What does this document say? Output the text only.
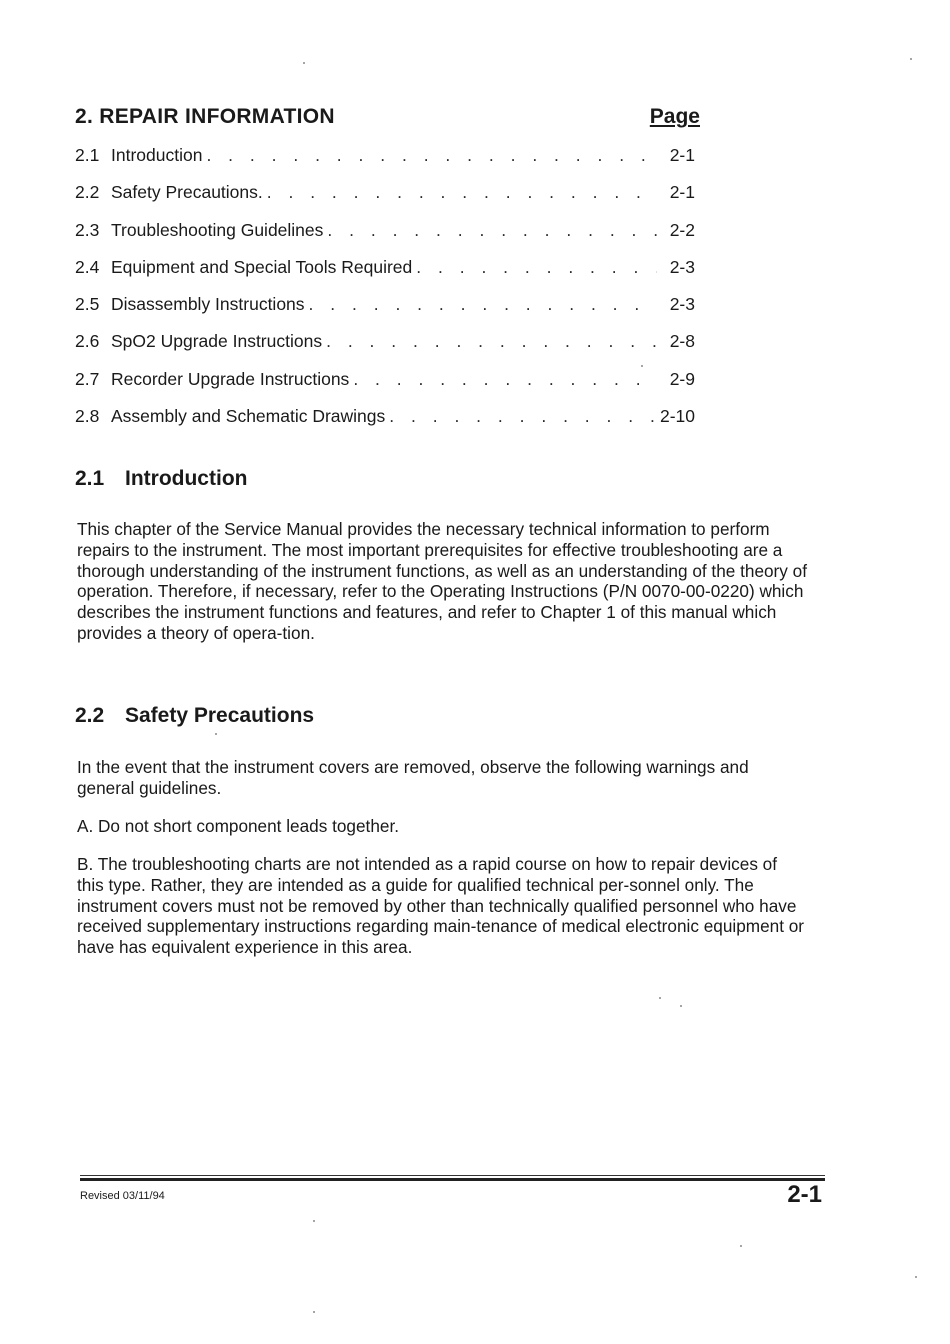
2. REPAIR INFORMATION	Page
2.1 Introduction . . .	2-1
2.2 Safety Precautions. . . .	2-1
2.3 Troubleshooting Guidelines . . .	2-2
2.4 Equipment and Special Tools Required . . .	2-3
2.5 Disassembly Instructions . . .	2-3
2.6 SpO2 Upgrade Instructions . . .	2-8
2.7 Recorder Upgrade Instructions . . .	2-9
2.8 Assembly and Schematic Drawings . . .	2-10
2.1 Introduction

This chapter of the Service Manual provides the necessary technical information to perform repairs to the instrument. The most important prerequisites for effective troubleshooting are a thorough understanding of the instrument functions, as well as an understanding of the theory of operation. Therefore, if necessary, refer to the Operating Instructions (P/N 0070-00-0220) which describes the instrument functions and features, and refer to Chapter 1 of this manual which provides a theory of opera-tion.

2.2 Safety Precautions

In the event that the instrument covers are removed, observe the following warnings and general guidelines.

A. Do not short component leads together.

B. The troubleshooting charts are not intended as a rapid course on how to repair devices of this type. Rather, they are intended as a guide for qualified technical per-sonnel only. The instrument covers must not be removed by other than technically qualified personnel who have received supplementary instructions regarding main-tenance of medical electronic equipment or have has equivalent experience in this area.

Revised 03/11/94	2-1
